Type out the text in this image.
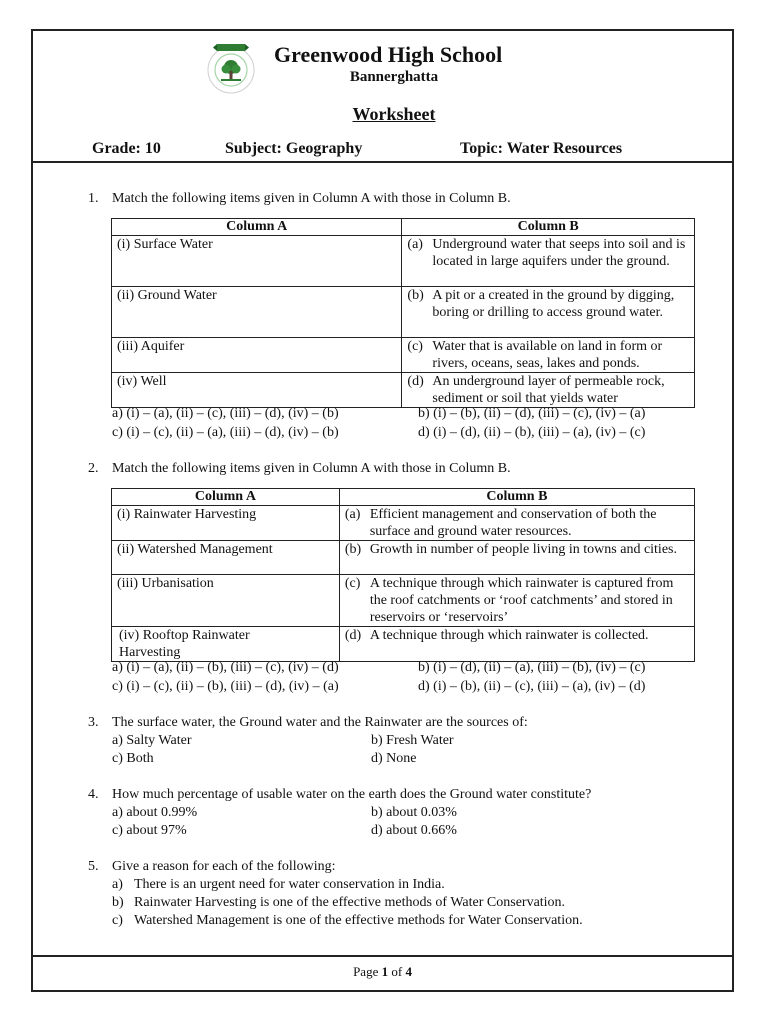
Greenwood High School
Bannerghatta
Worksheet
Grade: 10	Subject: Geography	Topic: Water Resources
1. Match the following items given in Column A with those in Column B.
Column A	Column B
(i) Surface Water	(a) Underground water that seeps into soil and is located in large aquifers under the ground.

(ii) Ground Water	(b) A pit or a created in the ground by digging, boring or drilling to access ground water.

(iii) Aquifer	(c) Water that is available on land in form or rivers, oceans, seas, lakes and ponds.

(iv) Well	(d) An underground layer of permeable rock, sediment or soil that yields water
a) (i) – (a), (ii) – (c), (iii) – (d), (iv) – (b)	b) (i) – (b), (ii) – (d), (iii) – (c), (iv) – (a)
c) (i) – (c), (ii) – (a), (iii) – (d), (iv) – (b)	d) (i) – (d), (ii) – (b), (iii) – (a), (iv) – (c)
2. Match the following items given in Column A with those in Column B.
Column A	Column B
(i) Rainwater Harvesting	(a) Efficient management and conservation of both the surface and ground water resources.

(ii) Watershed Management	(b) Growth in number of people living in towns and cities.

(iii) Urbanisation	(c) A technique through which rainwater is captured from the roof catchments or ‘roof catchments’ and stored in reservoirs or ‘reservoirs’

(iv) Rooftop Rainwater Harvesting	(d) A technique through which rainwater is collected.
a) (i) – (a), (ii) – (b), (iii) – (c), (iv) – (d)	b) (i) – (d), (ii) – (a), (iii) – (b), (iv) – (c)
c) (i) – (c), (ii) – (b), (iii) – (d), (iv) – (a)	d) (i) – (b), (ii) – (c), (iii) – (a), (iv) – (d)
3. The surface water, the Ground water and the Rainwater are the sources of:
a) Salty Water	b) Fresh Water
c) Both	d) None
4. How much percentage of usable water on the earth does the Ground water constitute?
a) about 0.99%	b) about 0.03%
c) about 97%	d) about 0.66%
5. Give a reason for each of the following:
a) There is an urgent need for water conservation in India.
b) Rainwater Harvesting is one of the effective methods of Water Conservation.
c) Watershed Management is one of the effective methods for Water Conservation.
Page 1 of 4
